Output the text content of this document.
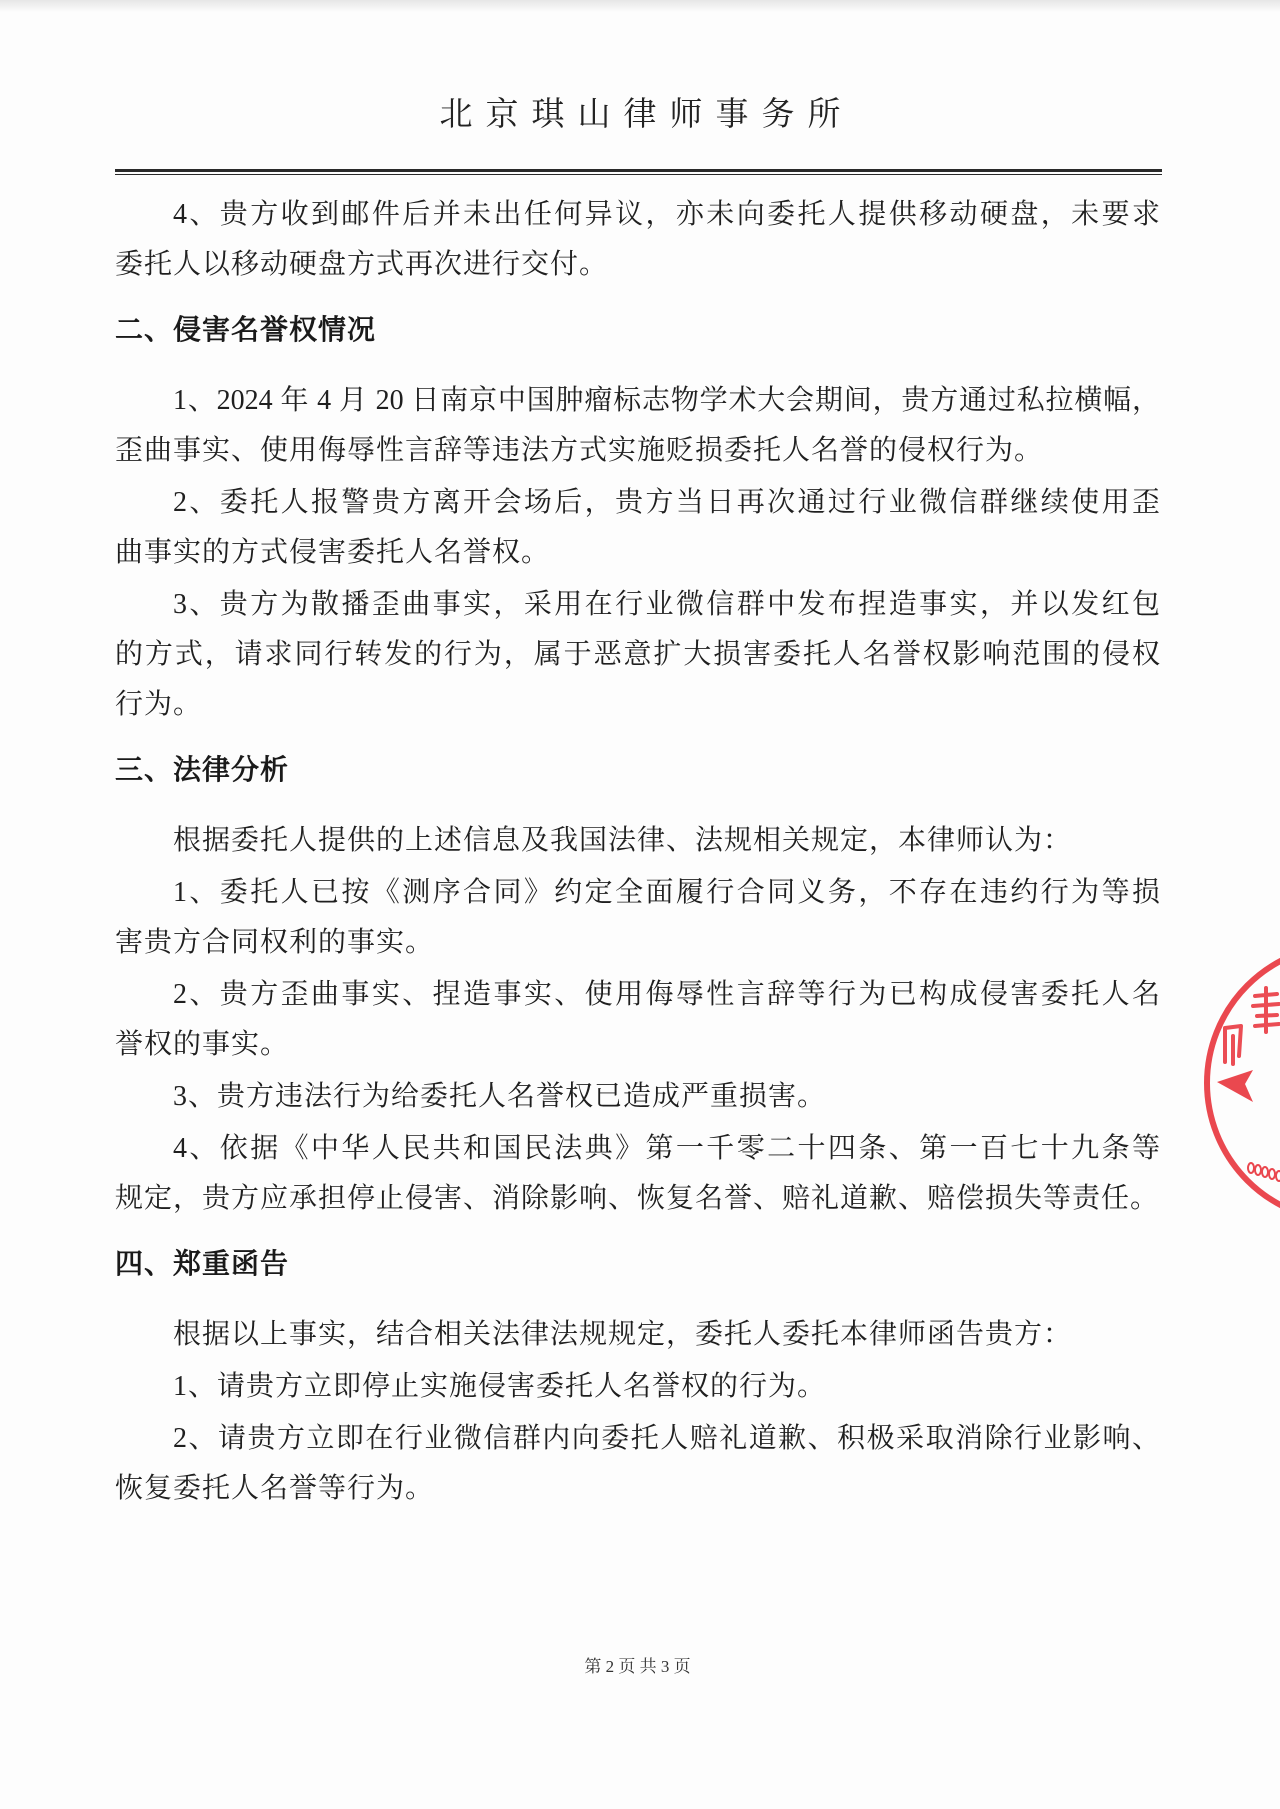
北京琪山律师事务所
4、贵方收到邮件后并未出任何异议，亦未向委托人提供移动硬盘，未要求
委托人以移动硬盘方式再次进行交付。
二、侵害名誉权情况
1、2024 年 4 月 20 日南京中国肿瘤标志物学术大会期间，贵方通过私拉横幅，
歪曲事实、使用侮辱性言辞等违法方式实施贬损委托人名誉的侵权行为。
2、委托人报警贵方离开会场后，贵方当日再次通过行业微信群继续使用歪
曲事实的方式侵害委托人名誉权。
3、贵方为散播歪曲事实，采用在行业微信群中发布捏造事实，并以发红包
的方式，请求同行转发的行为，属于恶意扩大损害委托人名誉权影响范围的侵权
行为。
三、法律分析
根据委托人提供的上述信息及我国法律、法规相关规定，本律师认为：
1、委托人已按《测序合同》约定全面履行合同义务，不存在违约行为等损
害贵方合同权利的事实。
2、贵方歪曲事实、捏造事实、使用侮辱性言辞等行为已构成侵害委托人名
誉权的事实。
3、贵方违法行为给委托人名誉权已造成严重损害。
4、依据《中华人民共和国民法典》第一千零二十四条、第一百七十九条等
规定，贵方应承担停止侵害、消除影响、恢复名誉、赔礼道歉、赔偿损失等责任。
四、郑重函告
根据以上事实，结合相关法律法规规定，委托人委托本律师函告贵方：
1、请贵方立即停止实施侵害委托人名誉权的行为。
2、请贵方立即在行业微信群内向委托人赔礼道歉、积极采取消除行业影响、
恢复委托人名誉等行为。
第 2 页 共 3 页
